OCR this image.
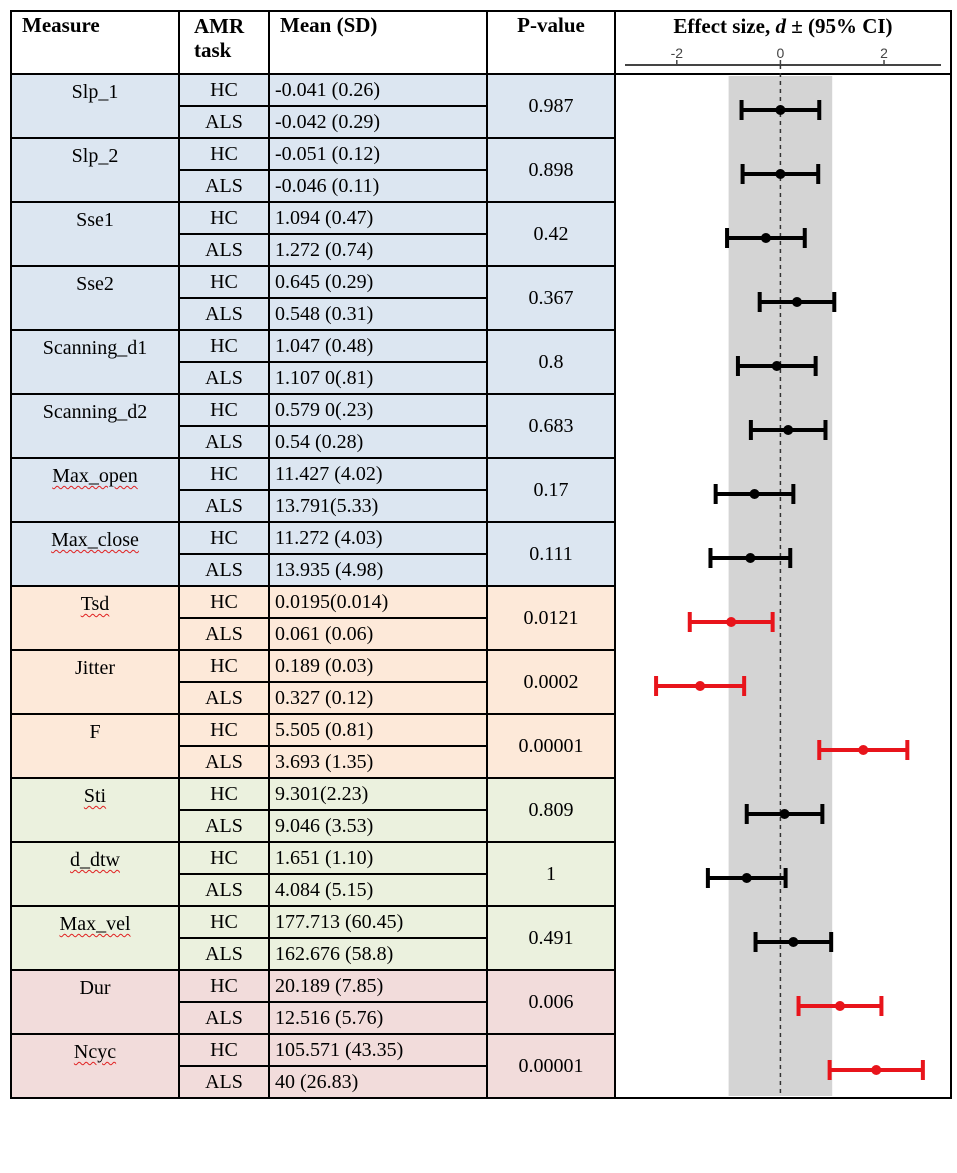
Measure	AMR task	Mean (SD)	P-value	Effect size, d ± (95% CI)
Slp_1	HC	-0.041 (0.26)	0.987	
	ALS	-0.042 (0.29)		
Slp_2	HC	-0.051 (0.12)	0.898	
	ALS	-0.046 (0.11)		
Sse1	HC	1.094 (0.47)	0.42	
	ALS	1.272 (0.74)		
Sse2	HC	0.645 (0.29)	0.367	
	ALS	0.548 (0.31)		
Scanning_d1	HC	1.047 (0.48)	0.8	
	ALS	1.107 0(.81)		
Scanning_d2	HC	0.579 0(.23)	0.683	
	ALS	0.54 (0.28)		
Max_open	HC	11.427 (4.02)	0.17	
	ALS	13.791(5.33)		
Max_close	HC	11.272 (4.03)	0.111	
	ALS	13.935 (4.98)		
Tsd	HC	0.0195(0.014)	0.0121	
	ALS	0.061 (0.06)		
Jitter	HC	0.189 (0.03)	0.0002	
	ALS	0.327 (0.12)		
F	HC	5.505 (0.81)	0.00001	
	ALS	3.693 (1.35)		
Sti	HC	9.301(2.23)	0.809	
	ALS	9.046 (3.53)		
d_dtw	HC	1.651 (1.10)	1	
	ALS	4.084 (5.15)		
Max_vel	HC	177.713 (60.45)	0.491	
	ALS	162.676 (58.8)		
Dur	HC	20.189 (7.85)	0.006	
	ALS	12.516 (5.76)		
Ncyc	HC	105.571 (43.35)	0.00001	
	ALS	40 (26.83)		
-2	0	2
